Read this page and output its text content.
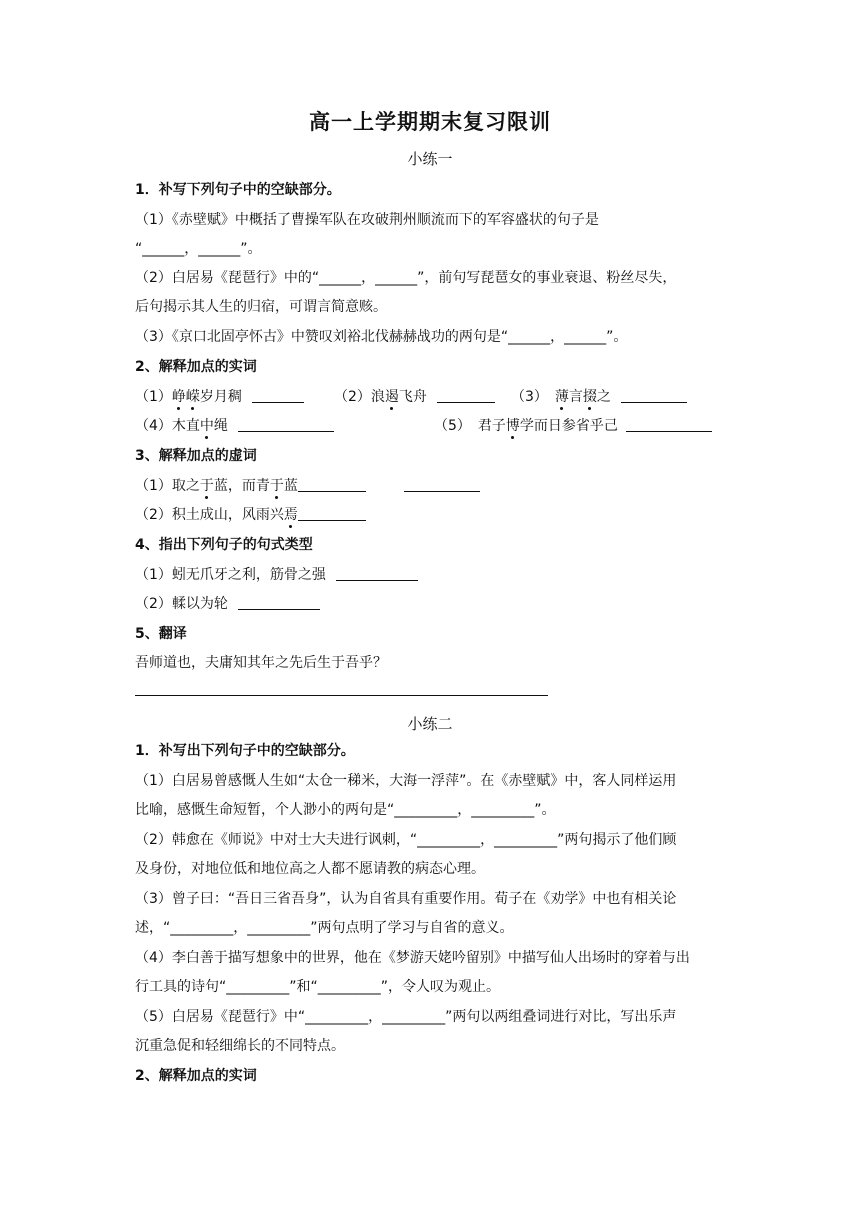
高一上学期期末复习限训
小练一
1．补写下列句子中的空缺部分。
（1）《赤壁赋》中概括了曹操军队在攻破荆州顺流而下的军容盛状的句子是
“______，______”。
（2）白居易《琵琶行》中的“______，______”，前句写琵琶女的事业衰退、粉丝尽失，
后句揭示其人生的归宿，可谓言简意赅。
（3）《京口北固亭怀古》中赞叹刘裕北伐赫赫战功的两句是“______，______”。
2、解释加点的实词
（1）峥嵘岁月稠	（2）浪遏飞舟	（3）　薄言掇之
（4）木直中绳	（5）　君子博学而日参省乎己
3、解释加点的虚词
（1）取之于蓝，而青于蓝
（2）积土成山，风雨兴焉
4、指出下列句子的句式类型
（1）蚓无爪牙之利，筋骨之强
（2）輮以为轮
5、翻译
吾师道也，夫庸知其年之先后生于吾乎？
小练二
1．补写出下列句子中的空缺部分。
（1）白居易曾感慨人生如“太仓一稊米，大海一浮萍”。在《赤壁赋》中，客人同样运用
比喻，感慨生命短暂，个人渺小的两句是“_________，_________”。
（2）韩愈在《师说》中对士大夫进行讽刺，“_________，_________”两句揭示了他们顾
及身份，对地位低和地位高之人都不愿请教的病态心理。
（3）曾子曰：“吾日三省吾身”，认为自省具有重要作用。荀子在《劝学》中也有相关论
述，“_________，_________”两句点明了学习与自省的意义。
（4）李白善于描写想象中的世界，他在《梦游天姥吟留别》中描写仙人出场时的穿着与出
行工具的诗句“_________”和“_________”，令人叹为观止。
（5）白居易《琵琶行》中“_________，_________”两句以两组叠词进行对比，写出乐声
沉重急促和轻细绵长的不同特点。
2、解释加点的实词
